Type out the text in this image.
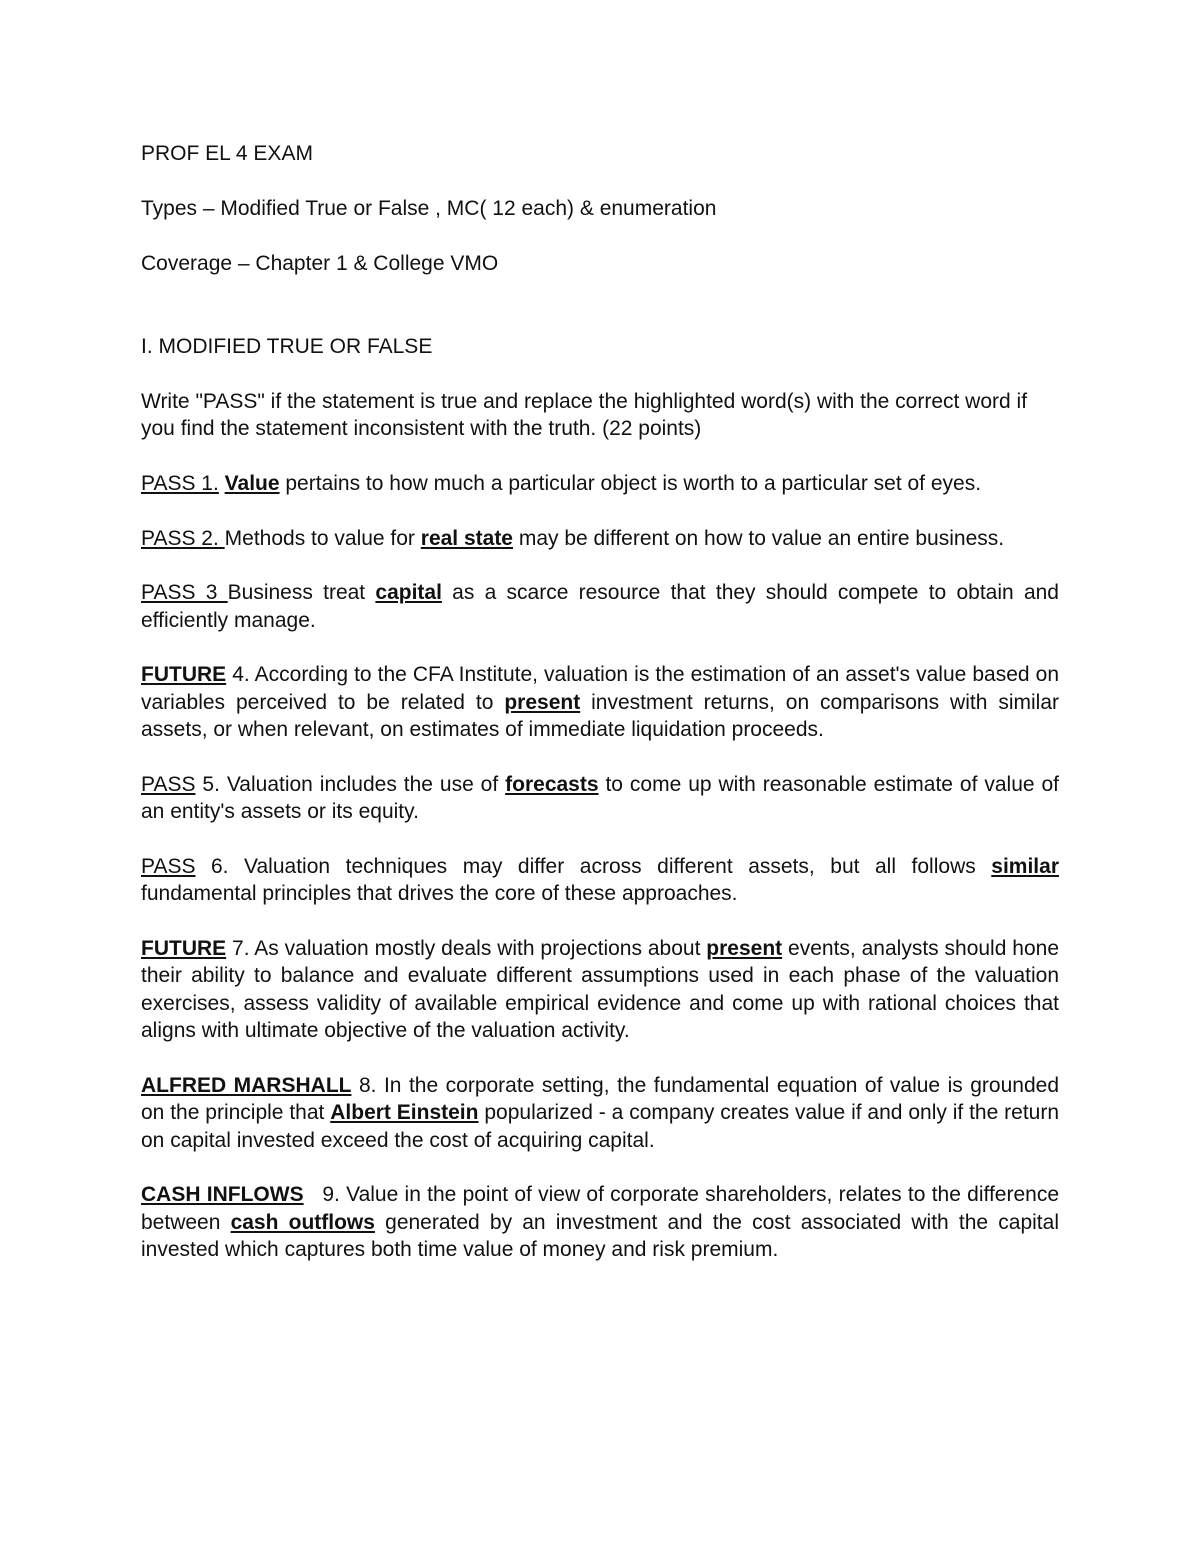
PROF EL 4 EXAM

Types – Modified True or False , MC( 12 each) & enumeration

Coverage – Chapter 1 & College VMO

I. MODIFIED TRUE OR FALSE

Write "PASS" if the statement is true and replace the highlighted word(s) with the correct word if you find the statement inconsistent with the truth. (22 points)

PASS 1. Value pertains to how much a particular object is worth to a particular set of eyes.

PASS 2. Methods to value for real state may be different on how to value an entire business.

PASS 3 Business treat capital as a scarce resource that they should compete to obtain and efficiently manage.

FUTURE 4. According to the CFA Institute, valuation is the estimation of an asset's value based on variables perceived to be related to present investment returns, on comparisons with similar assets, or when relevant, on estimates of immediate liquidation proceeds.

PASS 5. Valuation includes the use of forecasts to come up with reasonable estimate of value of an entity's assets or its equity.

PASS 6. Valuation techniques may differ across different assets, but all follows similar fundamental principles that drives the core of these approaches.

FUTURE 7. As valuation mostly deals with projections about present events, analysts should hone their ability to balance and evaluate different assumptions used in each phase of the valuation exercises, assess validity of available empirical evidence and come up with rational choices that aligns with ultimate objective of the valuation activity.

ALFRED MARSHALL 8. In the corporate setting, the fundamental equation of value is grounded on the principle that Albert Einstein popularized - a company creates value if and only if the return on capital invested exceed the cost of acquiring capital.

CASH INFLOWS   9. Value in the point of view of corporate shareholders, relates to the difference between cash outflows generated by an investment and the cost associated with the capital invested which captures both time value of money and risk premium.
